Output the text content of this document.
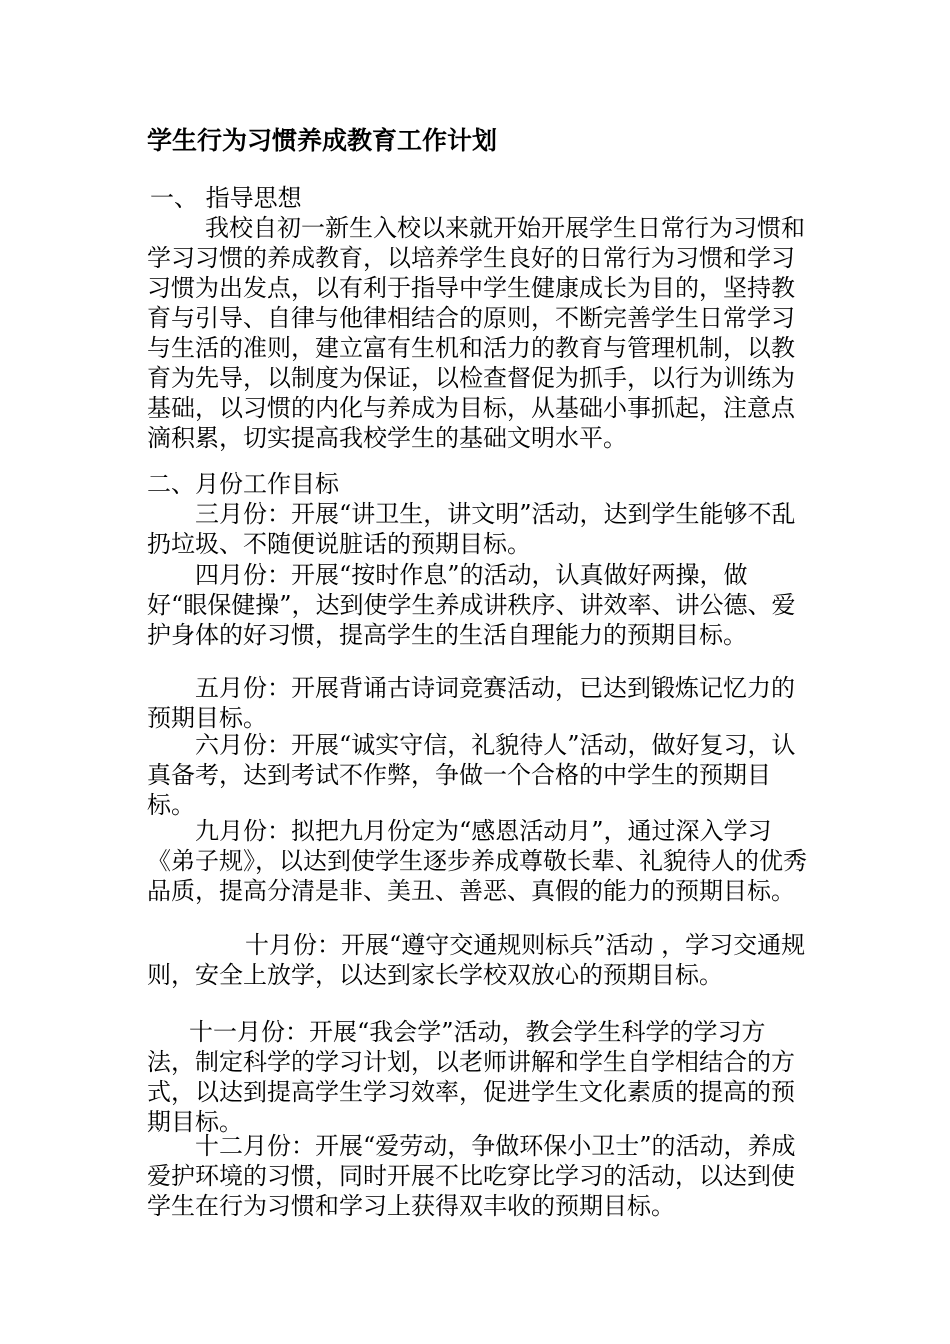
学生行为习惯养成教育工作计划
一、 指导思想

我校自初一新生入校以来就开始开展学生日常行为习惯和学习习惯的养成教育，以培养学生良好的日常行为习惯和学习习惯为出发点，以有利于指导中学生健康成长为目的，坚持教育与引导、自律与他律相结合的原则，不断完善学生日常学习与生活的准则，建立富有生机和活力的教育与管理机制，以教育为先导，以制度为保证，以检查督促为抓手，以行为训练为基础，以习惯的内化与养成为目标，从基础小事抓起，注意点滴积累，切实提高我校学生的基础文明水平。

二、月份工作目标

三月份：开展“讲卫生，讲文明”活动，达到学生能够不乱扔垃圾、不随便说脏话的预期目标。

四月份：开展“按时作息”的活动，认真做好两操，做好“眼保健操”，达到使学生养成讲秩序、讲效率、讲公德、爱护身体的好习惯，提高学生的生活自理能力的预期目标。

五月份：开展背诵古诗词竞赛活动，已达到锻炼记忆力的预期目标。

六月份：开展“诚实守信，礼貌待人”活动，做好复习，认真备考，达到考试不作弊，争做一个合格的中学生的预期目标。

九月份：拟把九月份定为“感恩活动月”，通过深入学习《弟子规》，以达到使学生逐步养成尊敬长辈、礼貌待人的优秀品质，提高分清是非、美丑、善恶、真假的能力的预期目标。

十月份：开展“遵守交通规则标兵”活动 ，学习交通规则，安全上放学，以达到家长学校双放心的预期目标。

十一月份：开展“我会学”活动，教会学生科学的学习方法，制定科学的学习计划，以老师讲解和学生自学相结合的方式，以达到提高学生学习效率，促进学生文化素质的提高的预期目标。

十二月份：开展“爱劳动，争做环保小卫士”的活动，养成爱护环境的习惯，同时开展不比吃穿比学习的活动，以达到使学生在行为习惯和学习上获得双丰收的预期目标。
